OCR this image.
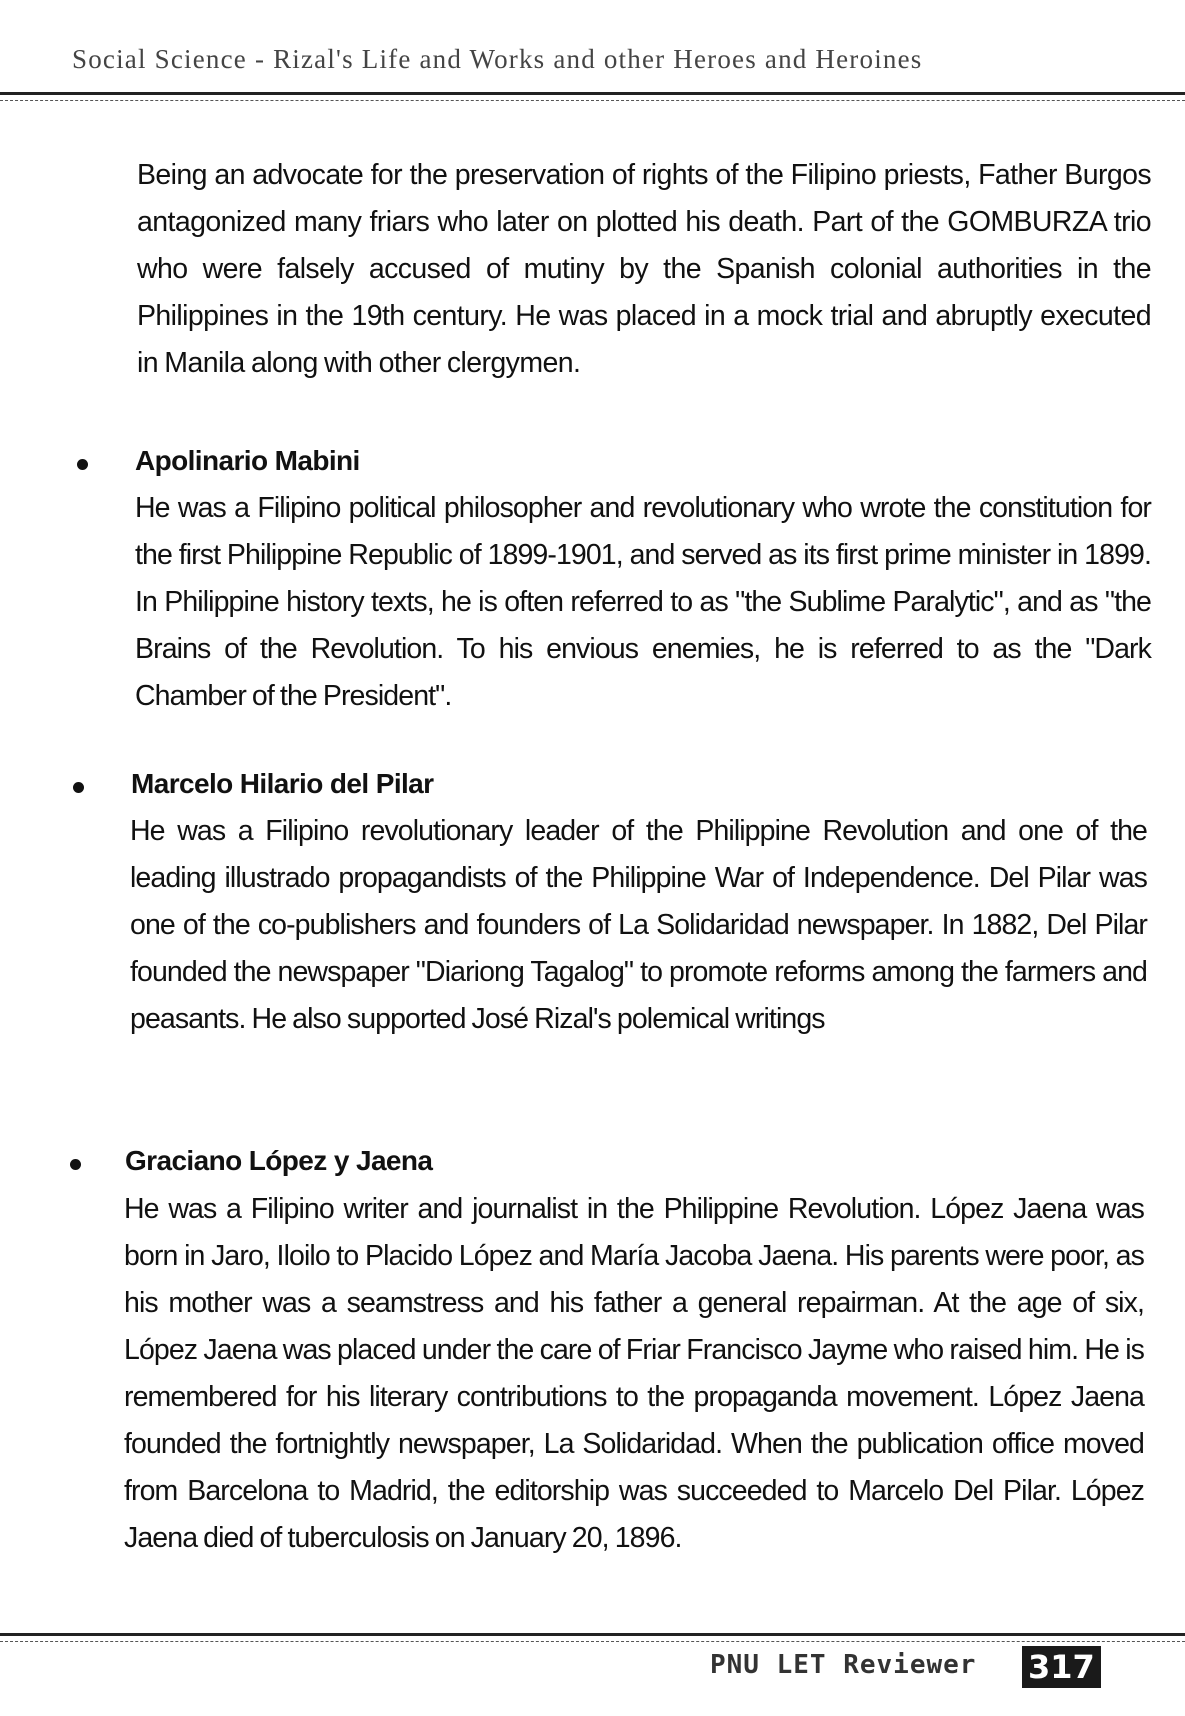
Social Science - Rizal's Life and Works and other Heroes and Heroines

Being an advocate for the preservation of rights of the Filipino priests, Father Burgos antagonized many friars who later on plotted his death. Part of the GOMBURZA trio who were falsely accused of mutiny by the Spanish colonial authorities in the Philippines in the 19th century. He was placed in a mock trial and abruptly executed in Manila along with other clergymen.

Apolinario Mabini

He was a Filipino political philosopher and revolutionary who wrote the constitution for the first Philippine Republic of 1899-1901, and served as its first prime minister in 1899. In Philippine history texts, he is often referred to as "the Sublime Paralytic", and as "the Brains of the Revolution. To his envious enemies, he is referred to as the "Dark Chamber of the President".

Marcelo Hilario del Pilar

He was a Filipino revolutionary leader of the Philippine Revolution and one of the leading illustrado propagandists of the Philippine War of Independence. Del Pilar was one of the co-publishers and founders of La Solidaridad newspaper. In 1882, Del Pilar founded the newspaper "Diariong Tagalog" to promote reforms among the farmers and peasants. He also supported José Rizal's polemical writings

Graciano López y Jaena

He was a Filipino writer and journalist in the Philippine Revolution. López Jaena was born in Jaro, Iloilo to Placido López and María Jacoba Jaena. His parents were poor, as his mother was a seamstress and his father a general repairman. At the age of six, López Jaena was placed under the care of Friar Francisco Jayme who raised him. He is remembered for his literary contributions to the propaganda movement. López Jaena founded the fortnightly newspaper, La Solidaridad. When the publication office moved from Barcelona to Madrid, the editorship was succeeded to Marcelo Del Pilar. López Jaena died of tuberculosis on January 20, 1896.

PNU LET Reviewer 317
